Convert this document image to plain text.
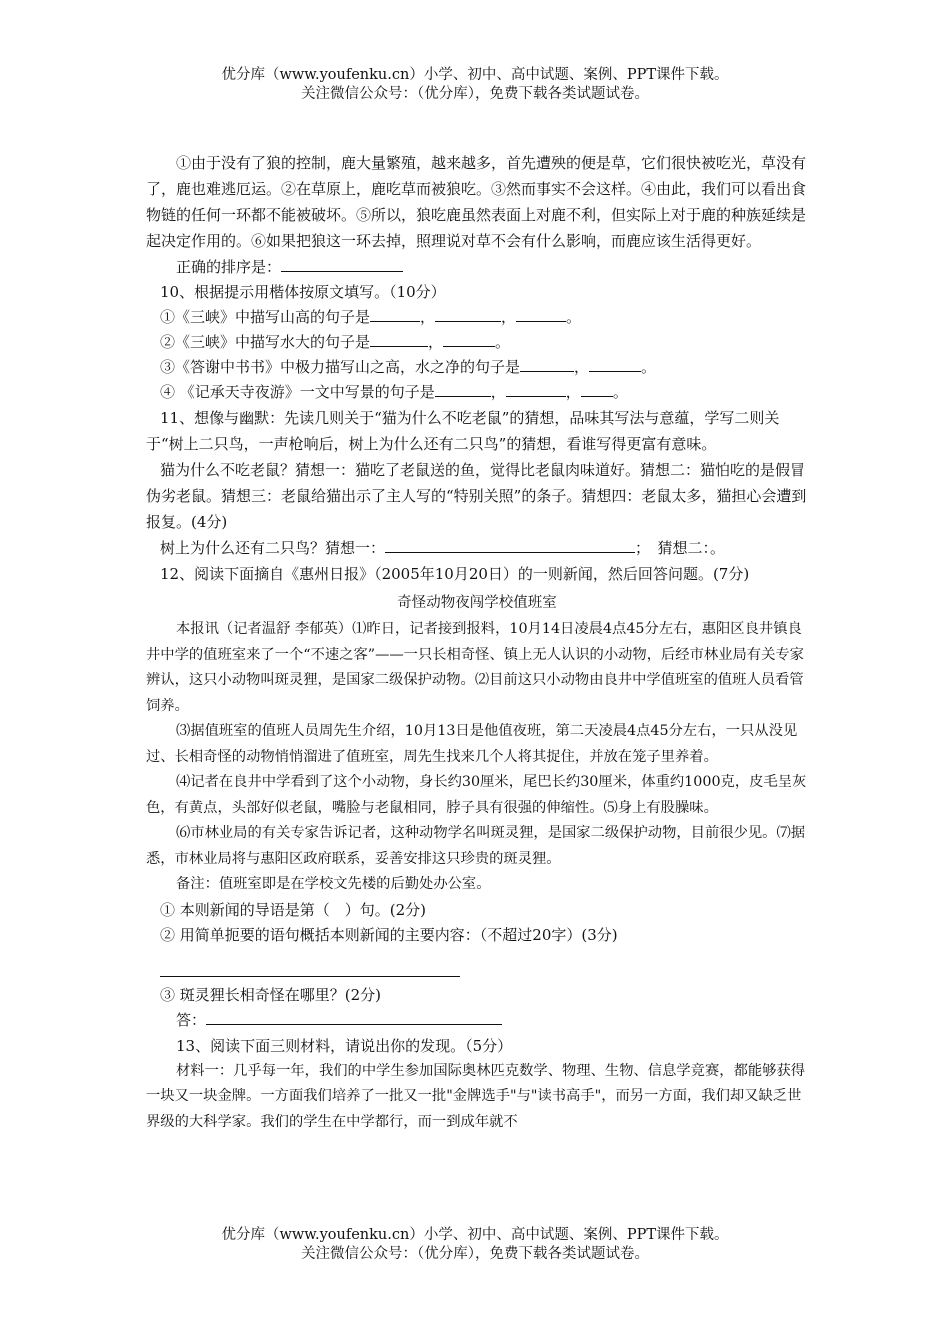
优分库（www.youfenku.cn）小学、初中、高中试题、案例、PPT课件下载。
关注微信公众号：（优分库），免费下载各类试题试卷。

①由于没有了狼的控制，鹿大量繁殖，越来越多，首先遭殃的便是草，它们很快被吃光，草没有了，鹿也难逃厄运。②在草原上，鹿吃草而被狼吃。③然而事实不会这样。④由此，我们可以看出食物链的任何一环都不能被破坏。⑤所以，狼吃鹿虽然表面上对鹿不利，但实际上对于鹿的种族延续是起决定作用的。⑥如果把狼这一环去掉，照理说对草不会有什么影响，而鹿应该生活得更好。

正确的排序是：

10、根据提示用楷体按原文填写。（10分）

①《三峡》中描写山高的句子是	，	，	。

②《三峡》中描写水大的句子是	，	。

③《答谢中书书》中极力描写山之高，水之净的句子是	，	。

④ 《记承天寺夜游》一文中写景的句子是	，	， 。

11、想像与幽默：先读几则关于“猫为什么不吃老鼠”的猜想，品味其写法与意蕴，学写二则关于“树上二只鸟，一声枪响后，树上为什么还有二只鸟”的猜想，看谁写得更富有意味。

猫为什么不吃老鼠？猜想一：猫吃了老鼠送的鱼，觉得比老鼠肉味道好。猜想二：猫怕吃的是假冒伪劣老鼠。猜想三：老鼠给猫出示了主人写的“特别关照”的条子。猜想四：老鼠太多，猫担心会遭到报复。(4分)

树上为什么还有二只鸟？猜想一：	；　猜想二：。

12、阅读下面摘自《惠州日报》（2005年10月20日）的一则新闻，然后回答问题。(7分)

奇怪动物夜闯学校值班室

本报讯（记者温舒 李郁英）⑴昨日，记者接到报料，10月14日凌晨4点45分左右，惠阳区良井镇良井中学的值班室来了一个“不速之客”——一只长相奇怪、镇上无人认识的小动物，后经市林业局有关专家辨认，这只小动物叫斑灵狸，是国家二级保护动物。⑵目前这只小动物由良井中学值班室的值班人员看管饲养。

⑶据值班室的值班人员周先生介绍，10月13日是他值夜班，第二天凌晨4点45分左右，一只从没见过、长相奇怪的动物悄悄溜进了值班室，周先生找来几个人将其捉住，并放在笼子里养着。

⑷记者在良井中学看到了这个小动物，身长约30厘米，尾巴长约30厘米，体重约1000克，皮毛呈灰色，有黄点，头部好似老鼠，嘴脸与老鼠相同，脖子具有很强的伸缩性。⑸身上有股臊味。

⑹市林业局的有关专家告诉记者，这种动物学名叫斑灵狸，是国家二级保护动物，目前很少见。⑺据悉，市林业局将与惠阳区政府联系，妥善安排这只珍贵的斑灵狸。

备注：值班室即是在学校文先楼的后勤处办公室。

① 本则新闻的导语是第（　）句。(2分)

② 用简单扼要的语句概括本则新闻的主要内容：（不超过20字）(3分)

③ 斑灵狸长相奇怪在哪里？(2分)

答：

13、阅读下面三则材料，请说出你的发现。（5分）

材料一：几乎每一年，我们的中学生参加国际奥林匹克数学、物理、生物、信息学竞赛，都能够获得一块又一块金牌。一方面我们培养了一批又一批"金牌选手"与"读书高手"，而另一方面，我们却又缺乏世界级的大科学家。我们的学生在中学都行，而一到成年就不

优分库（www.youfenku.cn）小学、初中、高中试题、案例、PPT课件下载。
关注微信公众号：（优分库），免费下载各类试题试卷。
